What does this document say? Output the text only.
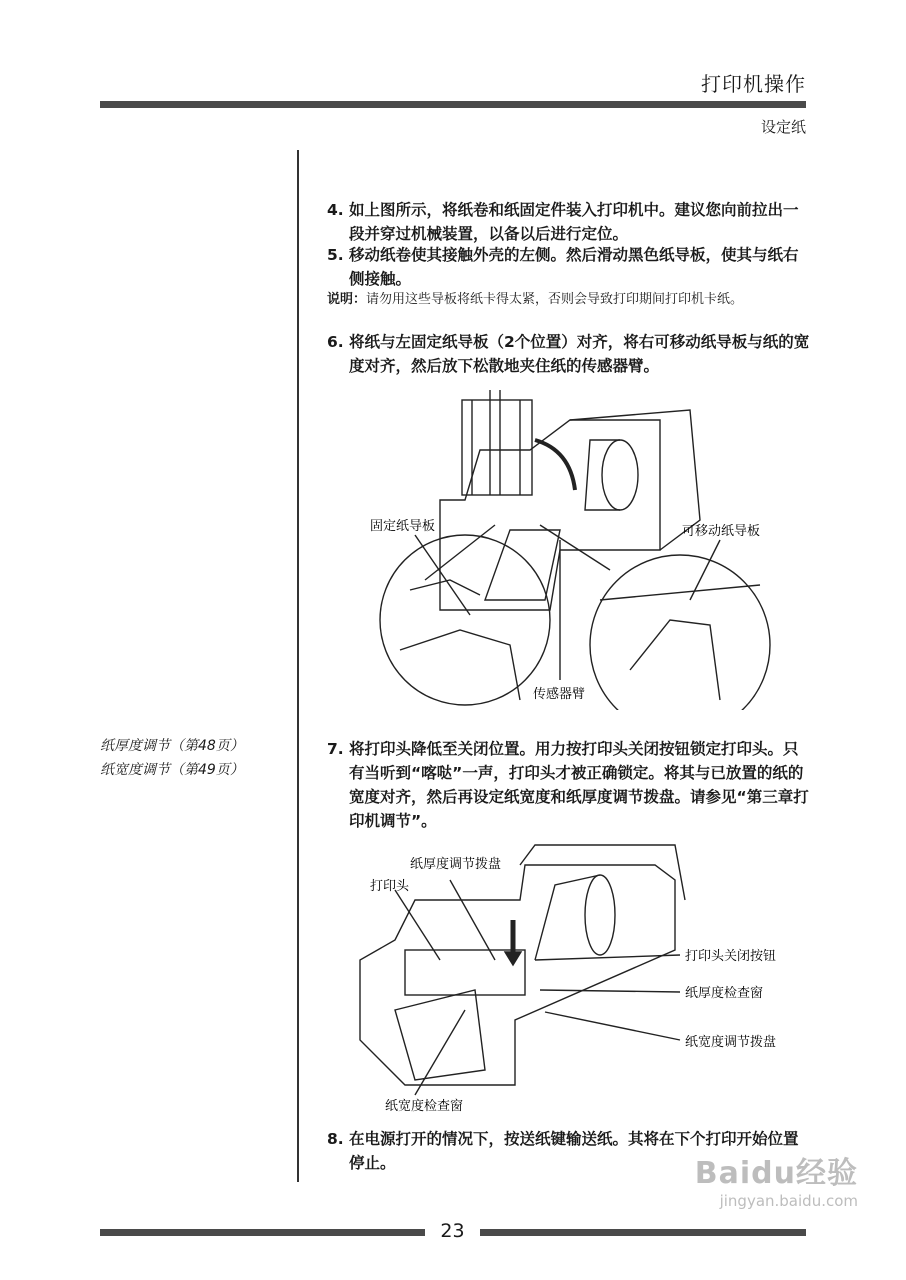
打印机操作
设定纸
纸厚度调节（第48页）
纸宽度调节（第49页）
4. 如上图所示，将纸卷和纸固定件装入打印机中。建议您向前拉出一段并穿过机械装置，以备以后进行定位。
5. 移动纸卷使其接触外壳的左侧。然后滑动黑色纸导板，使其与纸右侧接触。
说明：请勿用这些导板将纸卡得太紧，否则会导致打印期间打印机卡纸。
6. 将纸与左固定纸导板（2个位置）对齐，将右可移动纸导板与纸的宽度对齐，然后放下松散地夹住纸的传感器臂。
固定纸导板	可移动纸导板
传感器臂
7. 将打印头降低至关闭位置。用力按打印头关闭按钮锁定打印头。只有当听到“喀哒”一声，打印头才被正确锁定。将其与已放置的纸的宽度对齐，然后再设定纸宽度和纸厚度调节拨盘。请参见“第三章打印机调节”。
纸厚度调节拨盘
打印头
打印头关闭按钮
纸厚度检查窗
纸宽度调节拨盘
纸宽度检查窗
8. 在电源打开的情况下，按送纸键输送纸。其将在下个打印开始位置停止。
23
Baidu经验
jingyan.baidu.com
